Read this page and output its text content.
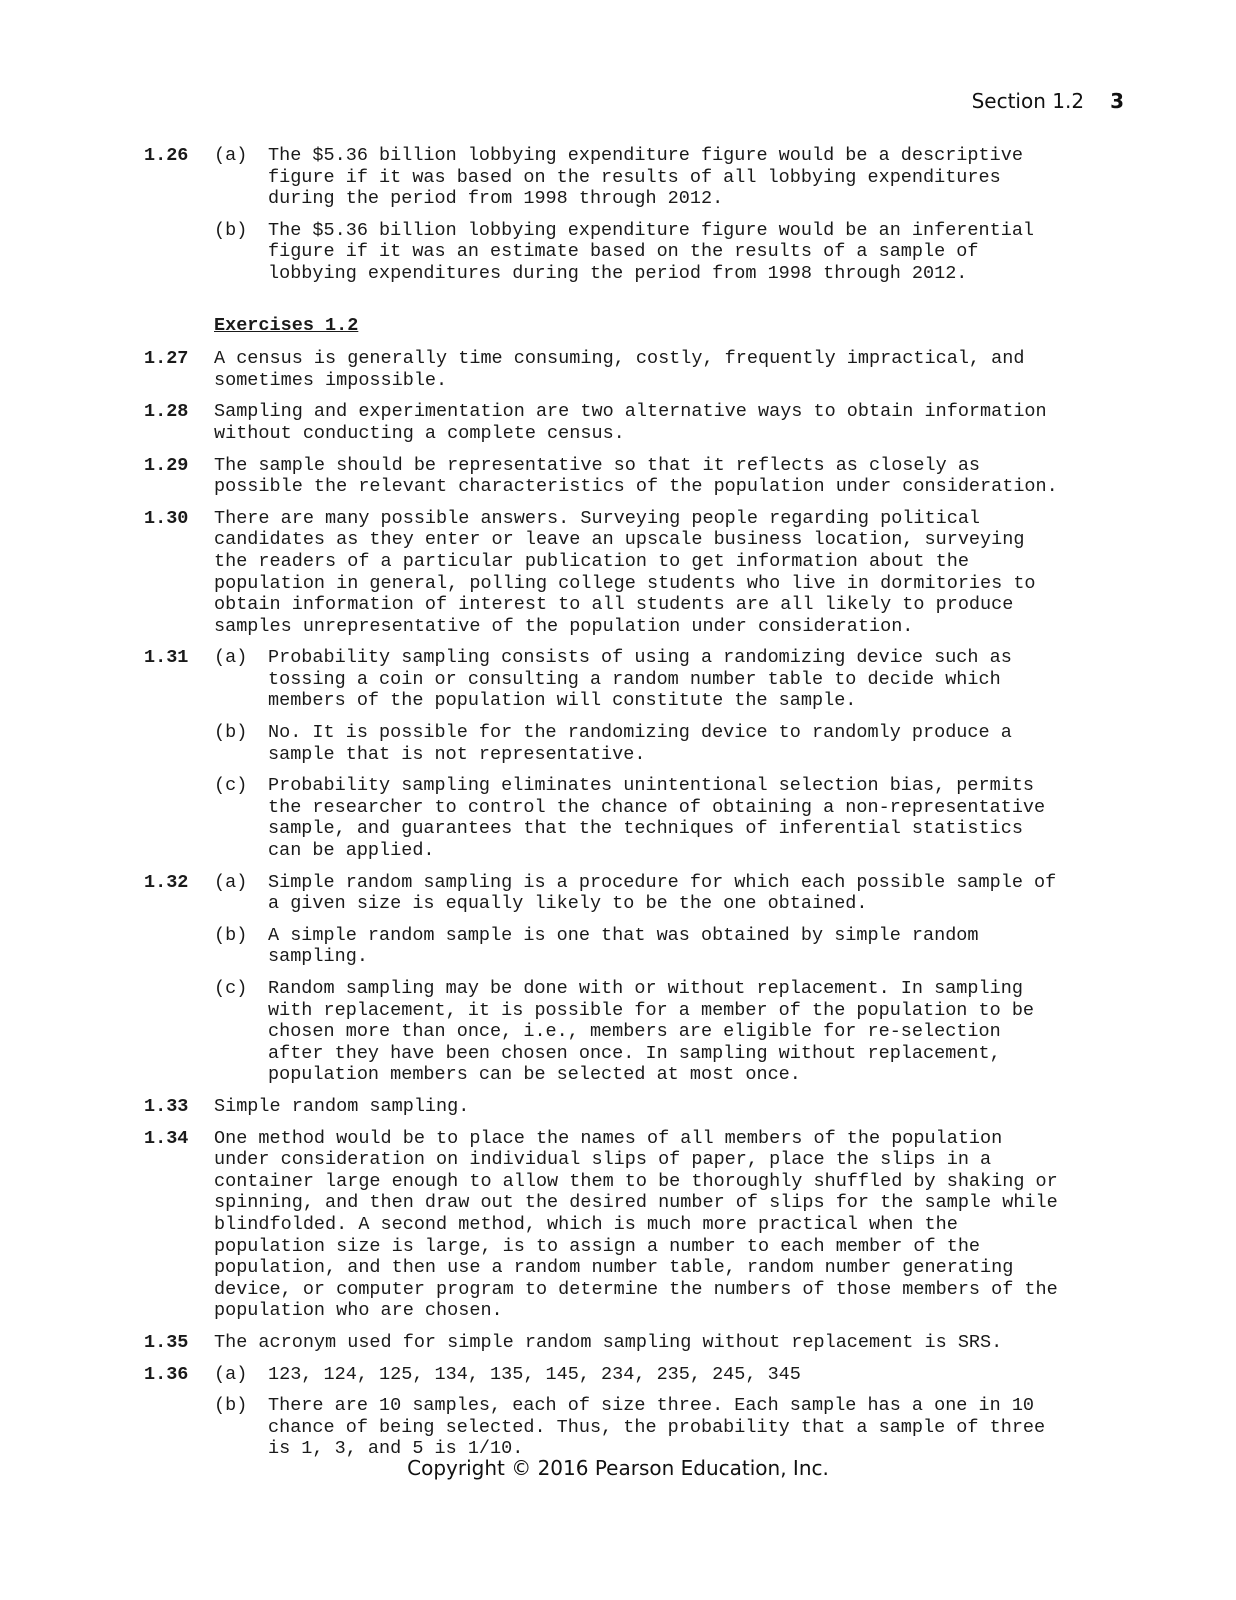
Section 1.2 3
1.26	(a)	The $5.36 billion lobbying expenditure figure would be a descriptive
figure if it was based on the results of all lobbying expenditures
during the period from 1998 through 2012.
(b)	The $5.36 billion lobbying expenditure figure would be an inferential
figure if it was an estimate based on the results of a sample of
lobbying expenditures during the period from 1998 through 2012.
Exercises 1.2
1.27	A census is generally time consuming, costly, frequently impractical, and
sometimes impossible.
1.28	Sampling and experimentation are two alternative ways to obtain information
without conducting a complete census.
1.29	The sample should be representative so that it reflects as closely as
possible the relevant characteristics of the population under consideration.
1.30	There are many possible answers. Surveying people regarding political
candidates as they enter or leave an upscale business location, surveying
the readers of a particular publication to get information about the
population in general, polling college students who live in dormitories to
obtain information of interest to all students are all likely to produce
samples unrepresentative of the population under consideration.
1.31	(a)	Probability sampling consists of using a randomizing device such as
tossing a coin or consulting a random number table to decide which
members of the population will constitute the sample.
(b)	No. It is possible for the randomizing device to randomly produce a
sample that is not representative.
(c)	Probability sampling eliminates unintentional selection bias, permits
the researcher to control the chance of obtaining a non-representative
sample, and guarantees that the techniques of inferential statistics
can be applied.
1.32	(a)	Simple random sampling is a procedure for which each possible sample of
a given size is equally likely to be the one obtained.
(b)	A simple random sample is one that was obtained by simple random
sampling.
(c)	Random sampling may be done with or without replacement. In sampling
with replacement, it is possible for a member of the population to be
chosen more than once, i.e., members are eligible for re-selection
after they have been chosen once. In sampling without replacement,
population members can be selected at most once.
1.33	Simple random sampling.
1.34	One method would be to place the names of all members of the population
under consideration on individual slips of paper, place the slips in a
container large enough to allow them to be thoroughly shuffled by shaking or
spinning, and then draw out the desired number of slips for the sample while
blindfolded. A second method, which is much more practical when the
population size is large, is to assign a number to each member of the
population, and then use a random number table, random number generating
device, or computer program to determine the numbers of those members of the
population who are chosen.
1.35	The acronym used for simple random sampling without replacement is SRS.
1.36	(a)	123, 124, 125, 134, 135, 145, 234, 235, 245, 345
(b)	There are 10 samples, each of size three. Each sample has a one in 10
chance of being selected. Thus, the probability that a sample of three
is 1, 3, and 5 is 1/10.
Copyright © 2016 Pearson Education, Inc.
